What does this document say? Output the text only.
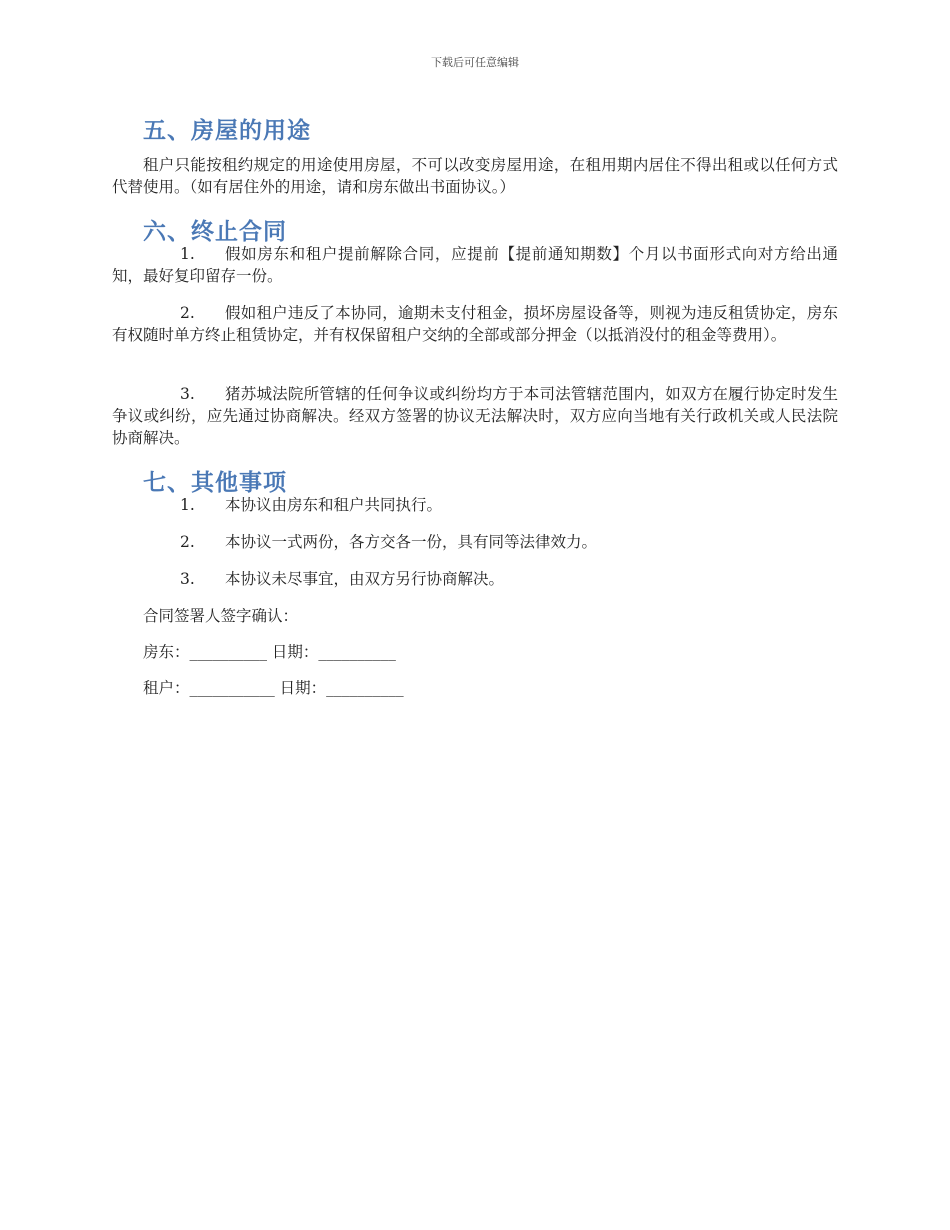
下载后可任意编辑
五、房屋的用途

租户只能按租约规定的用途使用房屋，不可以改变房屋用途，在租用期内居住不得出租或以任何方式代替使用。（如有居住外的用途，请和房东做出书面协议。）

六、终止合同
1.	假如房东和租户提前解除合同，应提前【提前通知期数】个月以书面形式向对方给出通知，最好复印留存一份。
2.	假如租户违反了本协同，逾期未支付租金，损坏房屋设备等，则视为违反租赁协定，房东有权随时单方终止租赁协定，并有权保留租户交纳的全部或部分押金（以抵消没付的租金等费用）。
3.	猪苏城法院所管辖的任何争议或纠纷均方于本司法管辖范围内，如双方在履行协定时发生争议或纠纷，应先通过协商解决。经双方签署的协议无法解决时，双方应向当地有关行政机关或人民法院协商解决。
七、其他事项
1.	本协议由房东和租户共同执行。
2.	本协议一式两份，各方交各一份，具有同等法律效力。
3.	本协议未尽事宜，由双方另行协商解决。
合同签署人签字确认：
房东：__________ 日期：__________
租户：___________ 日期：__________
